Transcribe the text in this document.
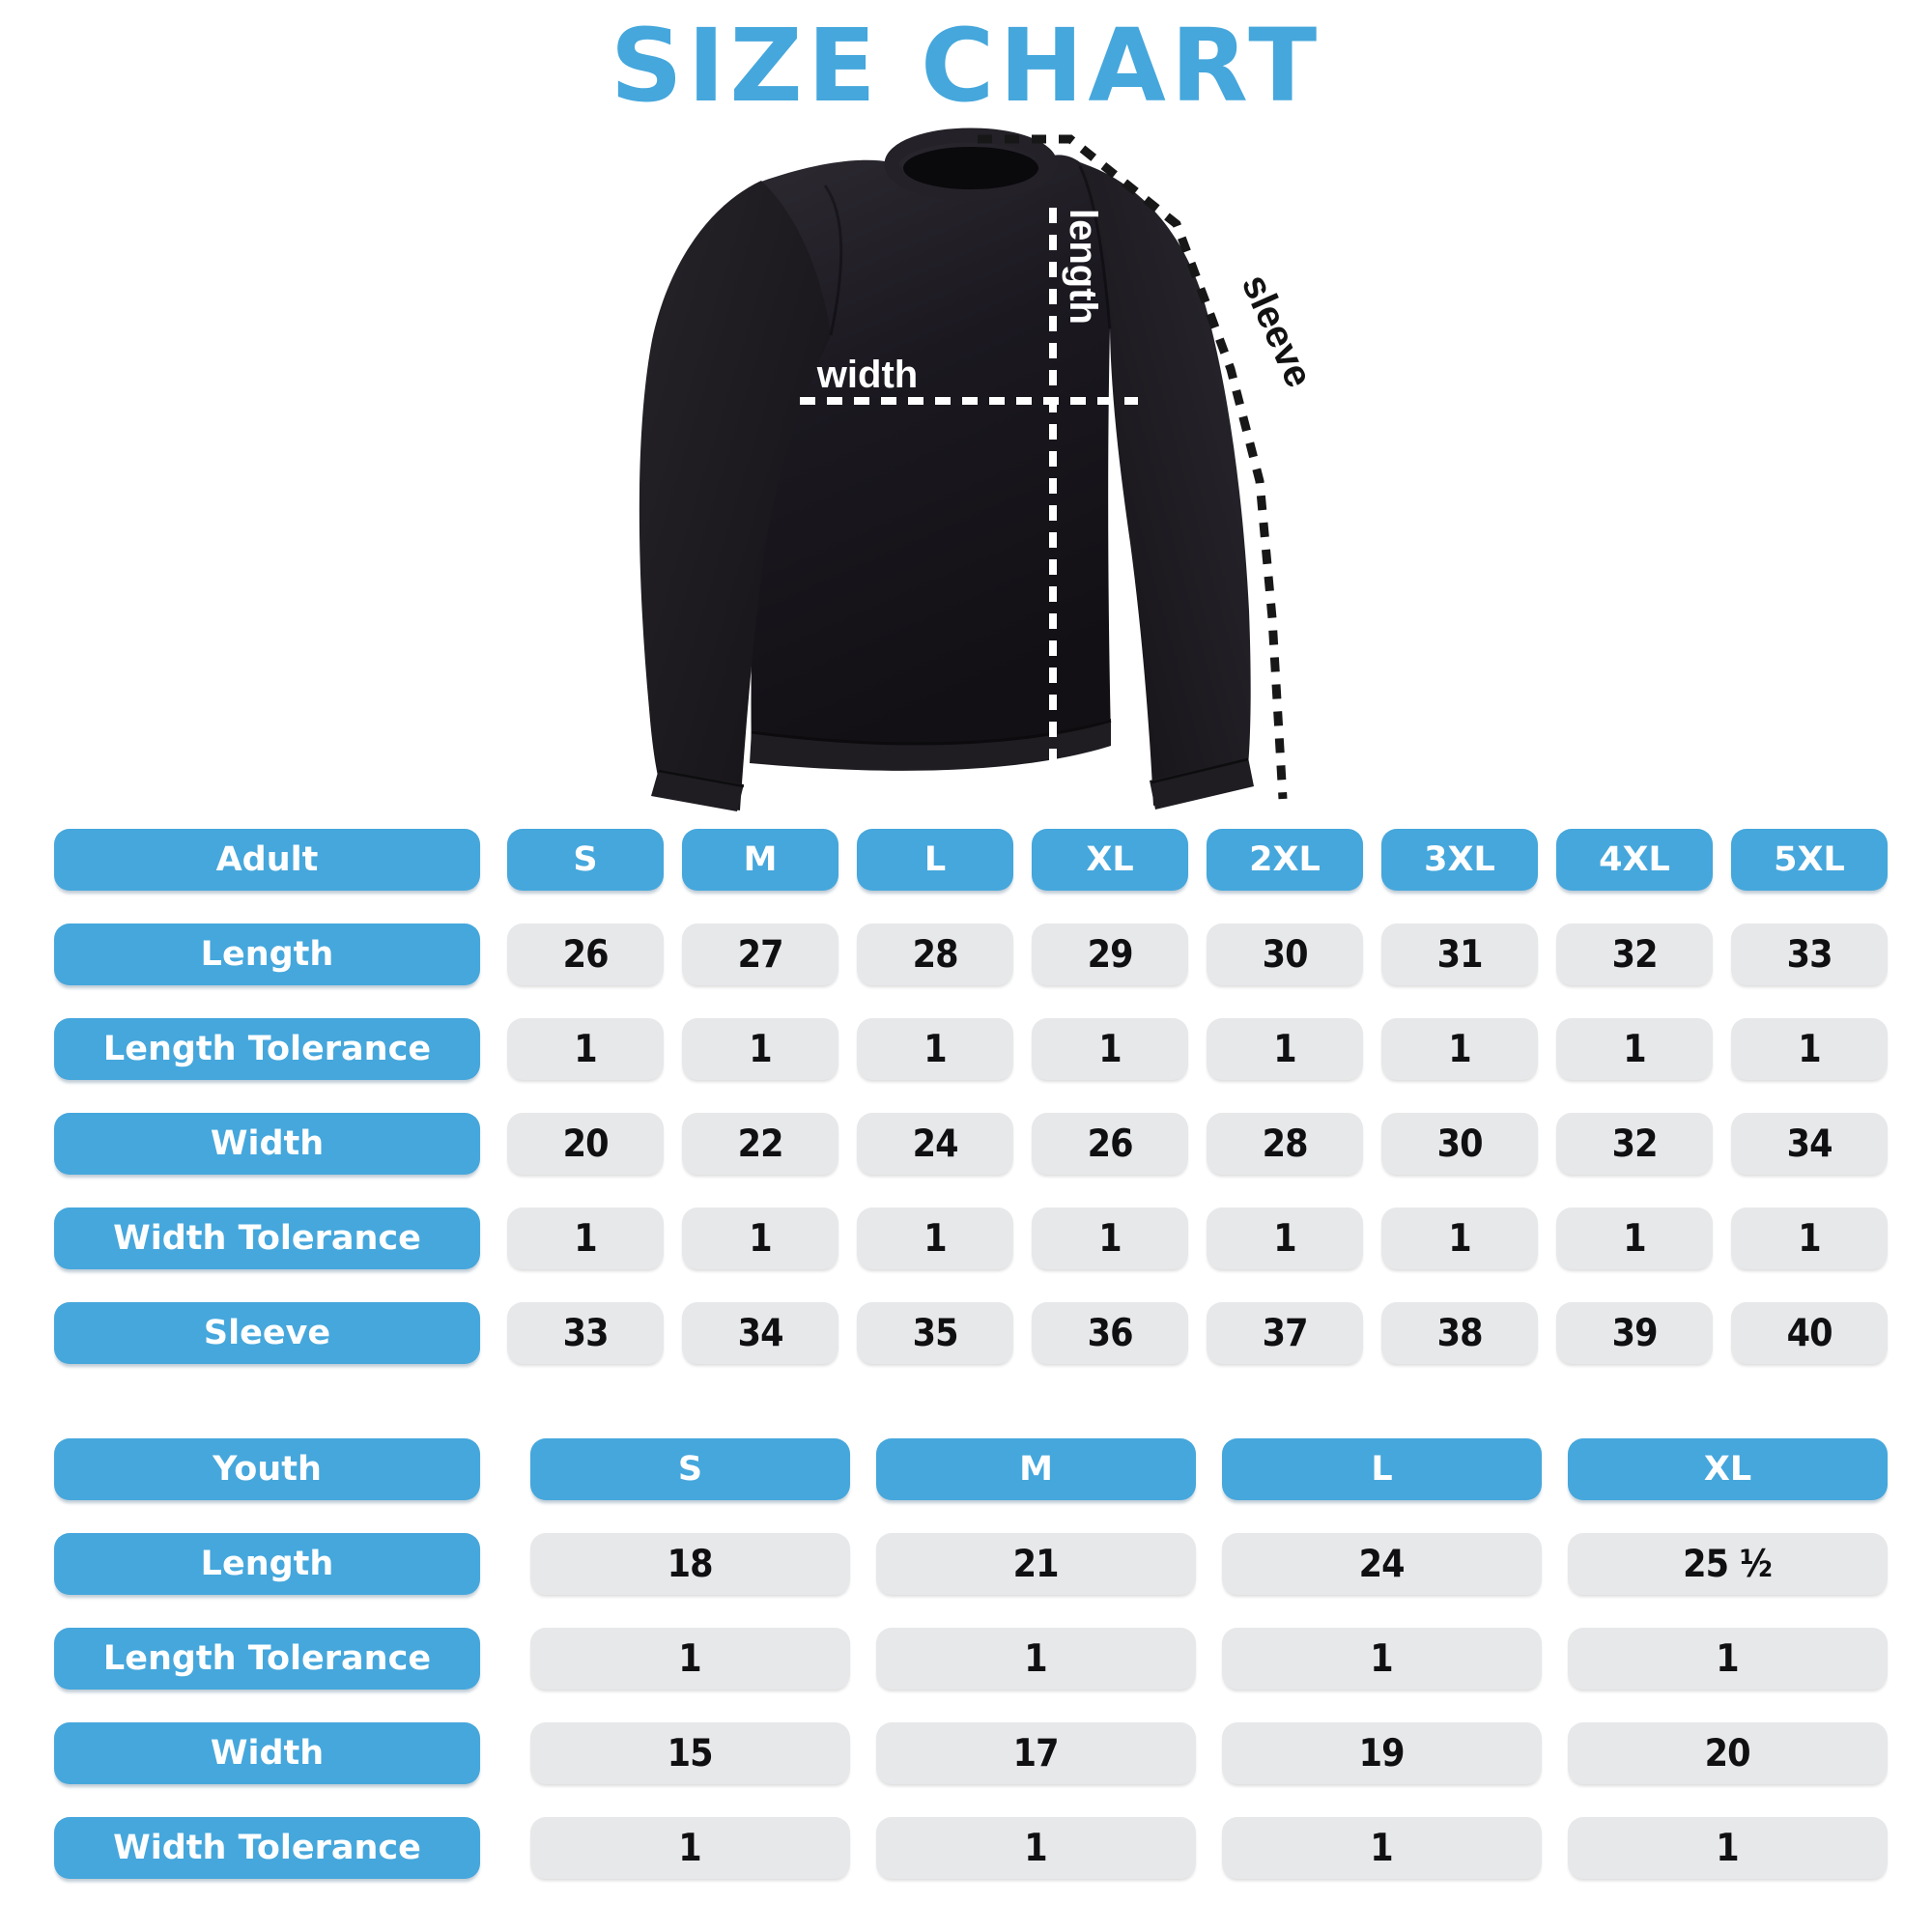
SIZE CHART
width
length
sleeve
Adult	S	M	L	XL	2XL	3XL	4XL	5XL
Length	26	27	28	29	30	31	32	33
Length Tolerance	1	1	1	1	1	1	1	1
Width	20	22	24	26	28	30	32	34
Width Tolerance	1	1	1	1	1	1	1	1
Sleeve	33	34	35	36	37	38	39	40
Youth	S	M	L	XL
Length	18	21	24	25 ¹⁄₂
Length Tolerance	1	1	1	1
Width	15	17	19	20
Width Tolerance	1	1	1	1
